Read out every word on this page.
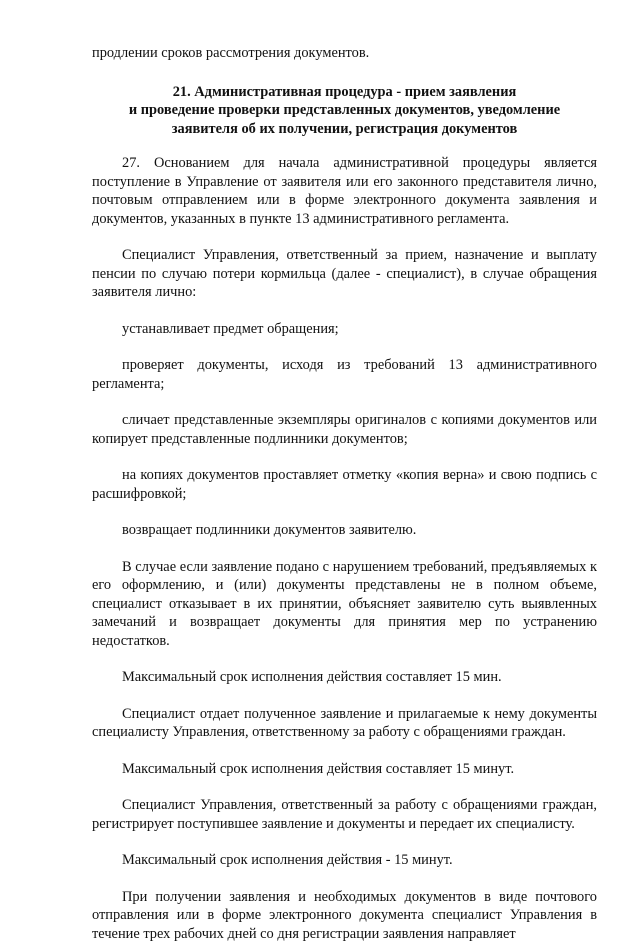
продлении сроков рассмотрения документов.

21. Административная процедура - прием заявления
и проведение проверки представленных документов, уведомление
заявителя об их получении, регистрация документов

27. Основанием для начала административной процедуры является поступление в Управление от заявителя или его законного представителя лично, почтовым отправлением или в форме электронного документа заявления и документов, указанных в пункте 13 административного регламента.

Специалист Управления, ответственный за прием, назначение и выплату пенсии по случаю потери кормильца (далее - специалист), в случае обращения заявителя лично:

устанавливает предмет обращения;

проверяет документы, исходя из требований 13 административного регламента;

сличает представленные экземпляры оригиналов с копиями документов или копирует представленные подлинники документов;

на копиях документов проставляет отметку «копия верна» и свою подпись с расшифровкой;

возвращает подлинники документов заявителю.

В случае если заявление подано с нарушением требований, предъявляемых к его оформлению, и (или) документы представлены не в полном объеме, специалист отказывает в их принятии, объясняет заявителю суть выявленных замечаний и возвращает документы для принятия мер по устранению недостатков.

Максимальный срок исполнения действия составляет 15 мин.

Специалист отдает полученное заявление и прилагаемые к нему документы специалисту Управления, ответственному за работу с обращениями граждан.

Максимальный срок исполнения действия составляет 15 минут.

Специалист Управления, ответственный за работу с обращениями граждан, регистрирует поступившее заявление и документы и передает их специалисту.

Максимальный срок исполнения действия - 15 минут.

При получении заявления и необходимых документов в виде почтового отправления или в форме электронного документа специалист Управления в течение трех рабочих дней со дня регистрации заявления направляет
